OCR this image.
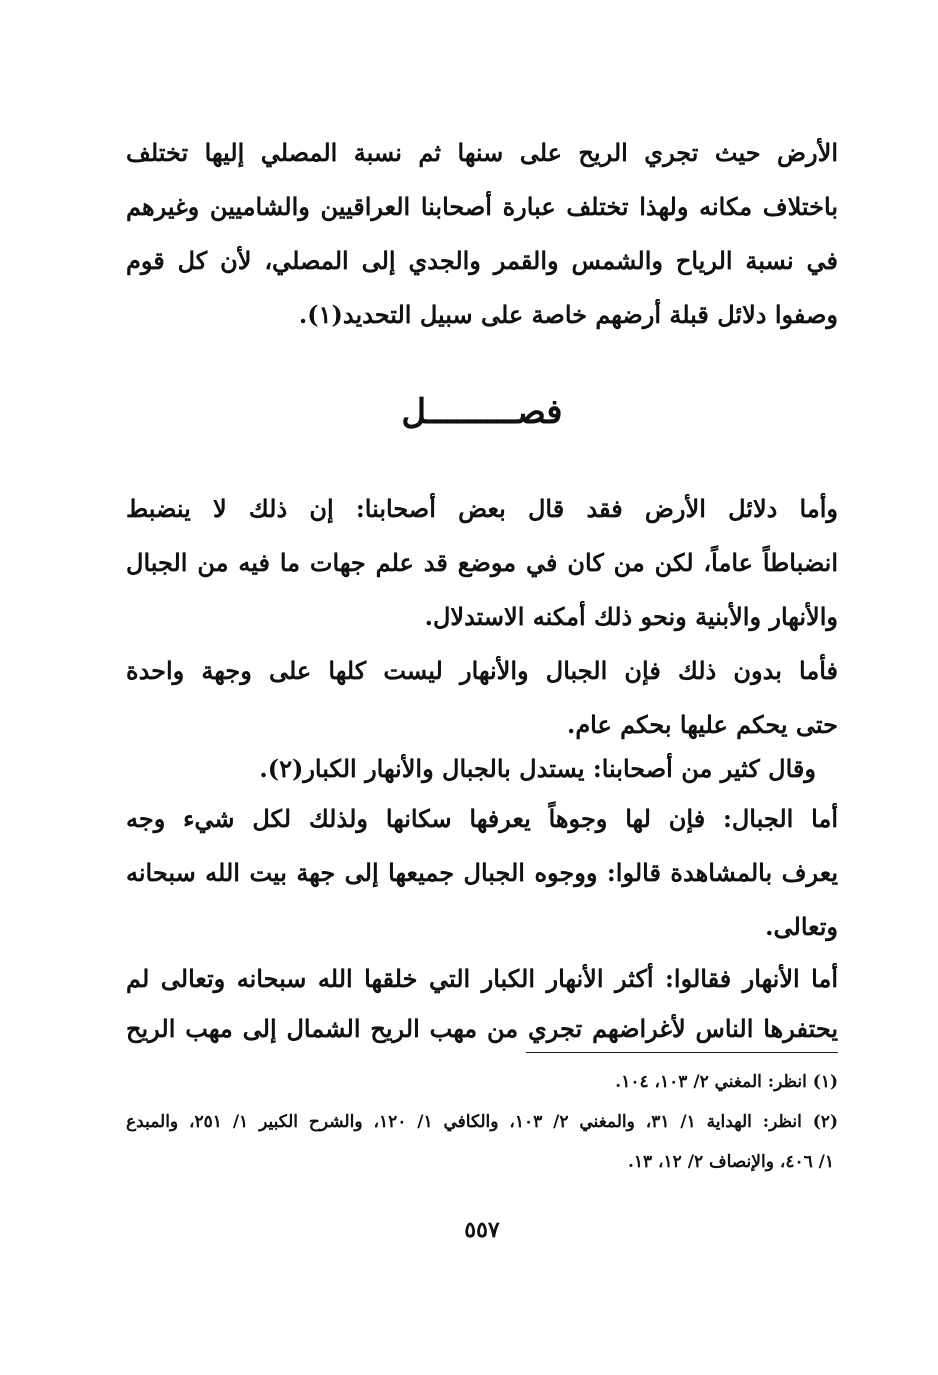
الأرض حيث تجري الريح على سنها ثم نسبة المصلي إليها تختلف
باختلاف مكانه ولهذا تختلف عبارة أصحابنا العراقيين والشاميين وغيرهم
في نسبة الرياح والشمس والقمر والجدي إلى المصلي، لأن كل قوم
وصفوا دلائل قبلة أرضهم خاصة على سبيل التحديد(١).
فصـــــــــل
وأما دلائل الأرض فقد قال بعض أصحابنا: إن ذلك لا ينضبط
انضباطاً عاماً، لكن من كان في موضع قد علم جهات ما فيه من الجبال
والأنهار والأبنية ونحو ذلك أمكنه الاستدلال.
فأما بدون ذلك فإن الجبال والأنهار ليست كلها على وجهة واحدة
حتى يحكم عليها بحكم عام.
وقال كثير من أصحابنا: يستدل بالجبال والأنهار الكبار(٢).
أما الجبال: فإن لها وجوهاً يعرفها سكانها ولذلك لكل شيء وجه
يعرف بالمشاهدة قالوا: ووجوه الجبال جميعها إلى جهة بيت الله سبحانه
وتعالى.
أما الأنهار فقالوا: أكثر الأنهار الكبار التي خلقها الله سبحانه وتعالى لم
يحتفرها الناس لأغراضهم تجري من مهب الريح الشمال إلى مهب الريح
(١) انظر: المغني ٢/ ١٠٣، ١٠٤.
(٢) انظر: الهداية ١/ ٣١، والمغني ٢/ ١٠٣، والكافي ١/ ١٢٠، والشرح الكبير ١/ ٢٥١، والمبدع
١/ ٤٠٦، والإنصاف ٢/ ١٢، ١٣.
٥٥٧
